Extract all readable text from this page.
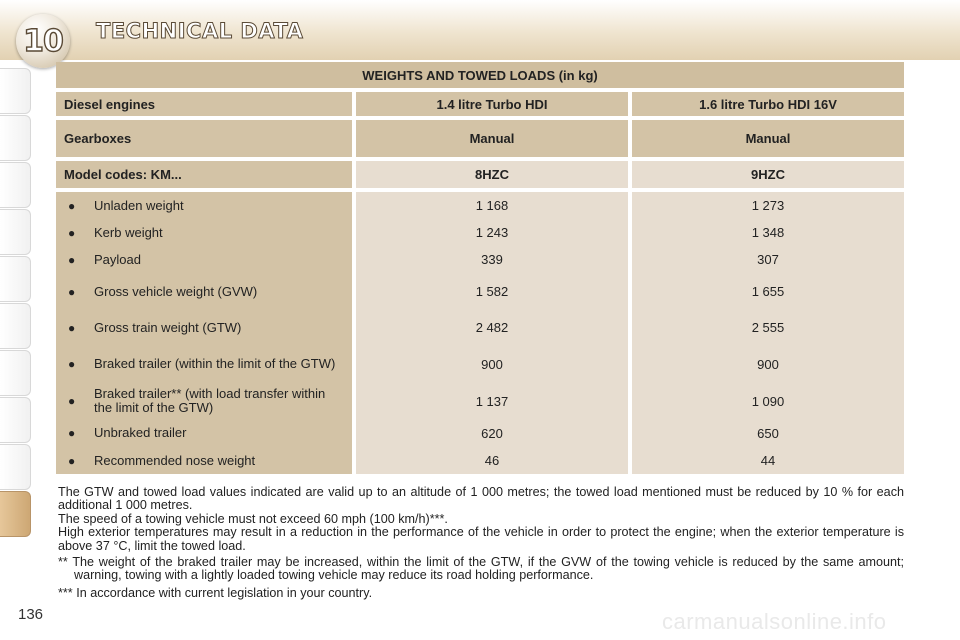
10 TECHNICAL DATA
WEIGHTS AND TOWED LOADS (in kg)		
Diesel engines	1.4 litre Turbo HDI	1.6 litre Turbo HDI 16V
Gearboxes	Manual	Manual
Model codes: KM...	8HZC	9HZC

● Unladen weight	1 168	1 273

● Kerb weight	1 243	1 348

● Payload	339	307

● Gross vehicle weight (GVW)	1 582	1 655

● Gross train weight (GTW)	2 482	2 555

● Braked trailer (within the limit of the GTW)	900	900

● Braked trailer** (with load transfer within the limit of the GTW)	1 137	1 090

● Unbraked trailer	620	650

● Recommended nose weight	46	44

The GTW and towed load values indicated are valid up to an altitude of 1 000 metres; the towed load mentioned must be reduced by 10 % for each additional 1 000 metres.

The speed of a towing vehicle must not exceed 60 mph (100 km/h)***.

High exterior temperatures may result in a reduction in the performance of the vehicle in order to protect the engine; when the exterior temperature is above 37 °C, limit the towed load.

** The weight of the braked trailer may be increased, within the limit of the GTW, if the GVW of the towing vehicle is reduced by the same amount; warning, towing with a lightly loaded towing vehicle may reduce its road holding performance.

*** In accordance with current legislation in your country.

136	carmanualsonline.info
